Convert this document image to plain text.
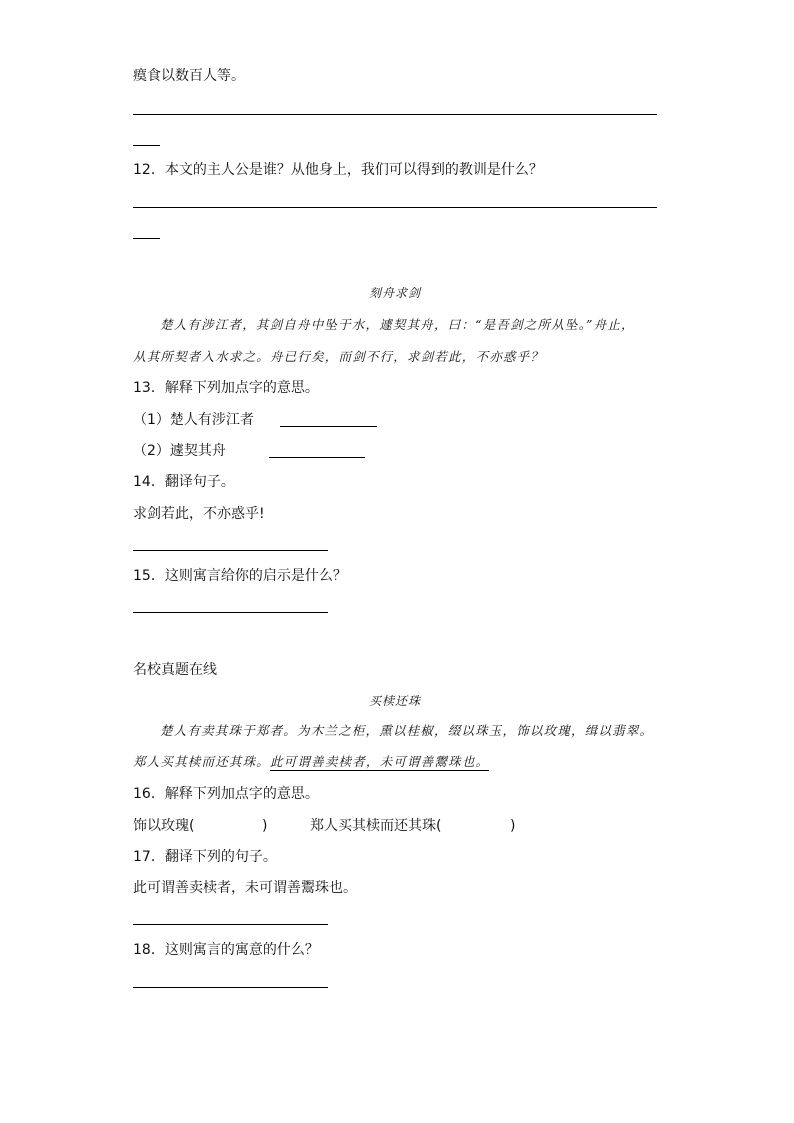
瘼食以数百人等。
12．本文的主人公是谁？从他身上，我们可以得到的教训是什么？
刻舟求剑
楚人有涉江者，其剑自舟中坠于水，遽契其舟，曰：“是吾剑之所从坠。”舟止，
从其所契者入水求之。舟已行矣，而剑不行，求剑若此，不亦惑乎？
13．解释下列加点字的意思。
（1）楚人有涉江者
（2）遽契其舟
14．翻译句子。
求剑若此，不亦惑乎!
15．这则寓言给你的启示是什么？
名校真题在线
买椟还珠
楚人有卖其珠于郑者。为木兰之柜，熏以桂椒，缀以珠玉，饰以玫瑰，缉以翡翠。
郑人买其椟而还其珠。此可谓善卖椟者，未可谓善鬻珠也。
16．解释下列加点字的意思。
饰以玫瑰(	)	郑人买其椟而还其珠(	)
17．翻译下列的句子。
此可谓善卖椟者，未可谓善鬻珠也。
18．这则寓言的寓意的什么？
